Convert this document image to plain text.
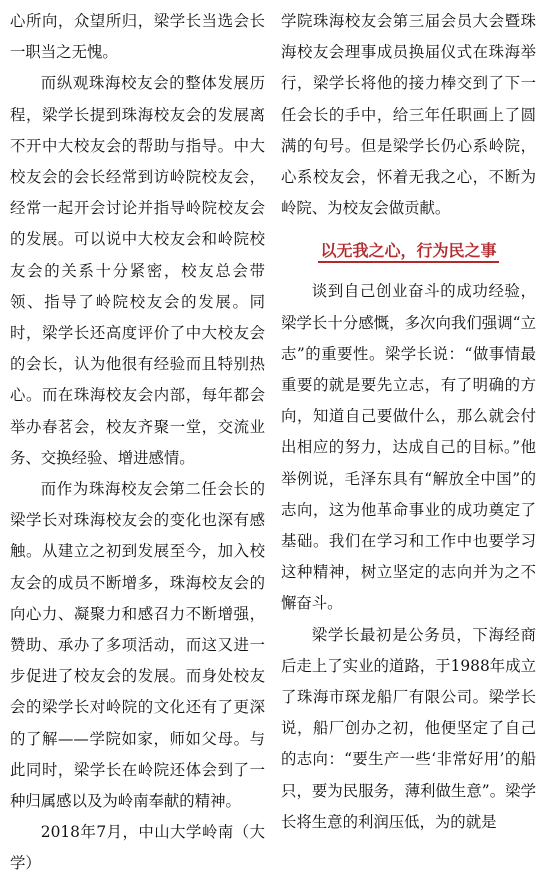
心所向，众望所归，梁学长当选会长一职当之无愧。

而纵观珠海校友会的整体发展历程，梁学长提到珠海校友会的发展离不开中大校友会的帮助与指导。中大校友会的会长经常到访岭院校友会，经常一起开会讨论并指导岭院校友会的发展。可以说中大校友会和岭院校友会的关系十分紧密，校友总会带领、指导了岭院校友会的发展。同时，梁学长还高度评价了中大校友会的会长，认为他很有经验而且特别热心。而在珠海校友会内部，每年都会举办春茗会，校友齐聚一堂，交流业务、交换经验、增进感情。

而作为珠海校友会第二任会长的梁学长对珠海校友会的变化也深有感触。从建立之初到发展至今，加入校友会的成员不断增多，珠海校友会的向心力、凝聚力和感召力不断增强，赞助、承办了多项活动，而这又进一步促进了校友会的发展。而身处校友会的梁学长对岭院的文化还有了更深的了解——学院如家，师如父母。与此同时，梁学长在岭院还体会到了一种归属感以及为岭南奉献的精神。

2018年7月，中山大学岭南（大学）

学院珠海校友会第三届会员大会暨珠海校友会理事成员换届仪式在珠海举行，梁学长将他的接力棒交到了下一任会长的手中，给三年任职画上了圆满的句号。但是梁学长仍心系岭院，心系校友会，怀着无我之心，不断为岭院、为校友会做贡献。

以无我之心，行为民之事

谈到自己创业奋斗的成功经验，梁学长十分感慨，多次向我们强调“立志”的重要性。梁学长说：“做事情最重要的就是要先立志，有了明确的方向，知道自己要做什么，那么就会付出相应的努力，达成自己的目标。”他举例说，毛泽东具有“解放全中国”的志向，这为他革命事业的成功奠定了基础。我们在学习和工作中也要学习这种精神，树立坚定的志向并为之不懈奋斗。

梁学长最初是公务员，下海经商后走上了实业的道路，于1988年成立了珠海市琛龙船厂有限公司。梁学长说，船厂创办之初，他便坚定了自己的志向：“要生产一些‘非常好用’的船只，要为民服务，薄利做生意”。梁学长将生意的利润压低，为的就是
